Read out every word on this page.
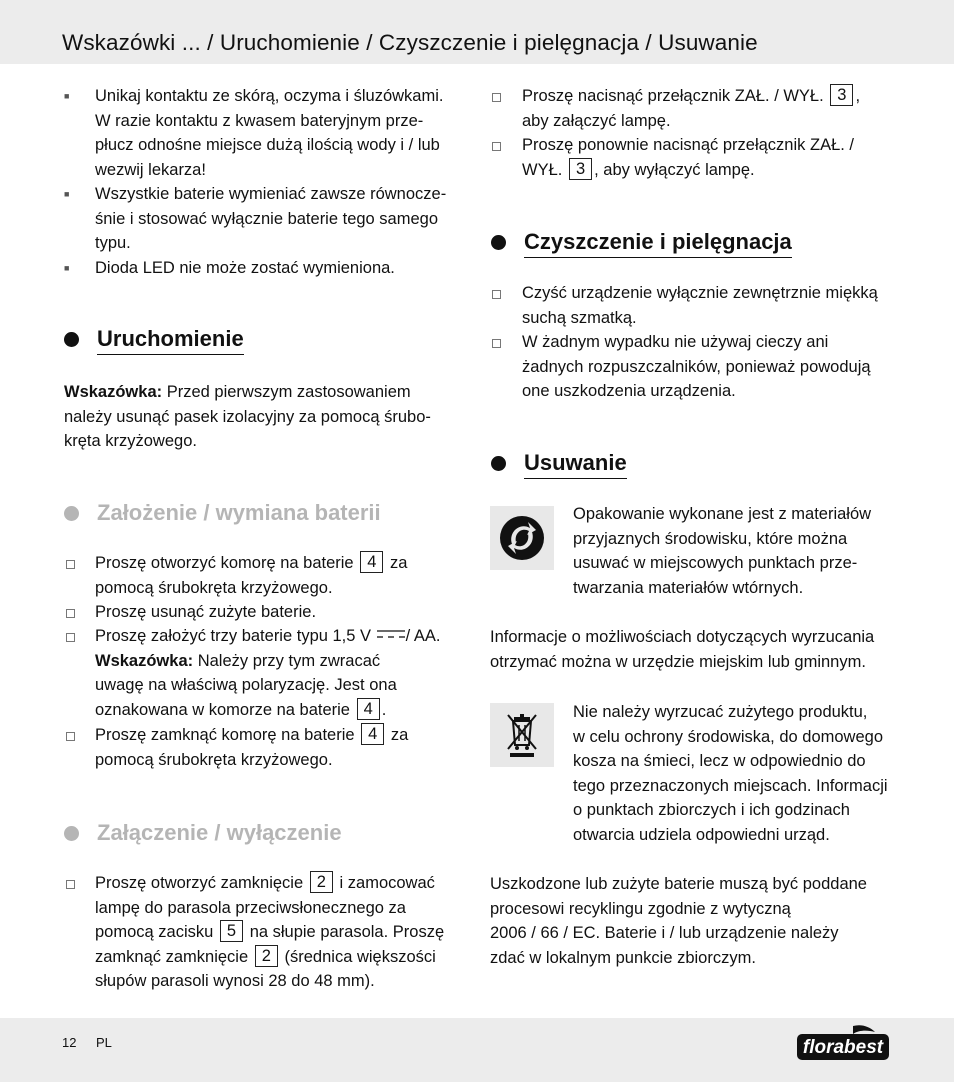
Wskazówki ... / Uruchomienie / Czyszczenie i pielęgnacja / Usuwanie
■ Unikaj kontaktu ze skórą, oczyma i śluzówkami.
W razie kontaktu z kwasem bateryjnym prze-
płucz odnośne miejsce dużą ilością wody i / lub
wezwij lekarza!
■ Wszystkie baterie wymieniać zawsze równocze-
śnie i stosować wyłącznie baterie tego samego
typu.
■ Dioda LED nie może zostać wymieniona.
Uruchomienie
Wskazówka: Przed pierwszym zastosowaniem
należy usunąć pasek izolacyjny za pomocą śrubo-
kręta krzyżowego.
Założenie / wymiana baterii
Proszę otworzyć komorę na baterie 4 za
pomocą śrubokręta krzyżowego.
Proszę usunąć zużyte baterie.
Proszę założyć trzy baterie typu 1,5 V / AA.
Wskazówka: Należy przy tym zwracać
uwagę na właściwą polaryzację. Jest ona
oznakowana w komorze na baterie 4 .
Proszę zamknąć komorę na baterie 4 za
pomocą śrubokręta krzyżowego.
Załączenie / wyłączenie
Proszę otworzyć zamknięcie 2 i zamocować
lampę do parasola przeciwsłonecznego za
pomocą zacisku 5 na słupie parasola. Proszę
zamknąć zamknięcie 2 (średnica większości
słupów parasoli wynosi 28 do 48 mm).
Proszę nacisnąć przełącznik ZAŁ. / WYŁ. 3 ,
aby załączyć lampę.
Proszę ponownie nacisnąć przełącznik ZAŁ. /
WYŁ. 3 , aby wyłączyć lampę.
Czyszczenie i pielęgnacja
Czyść urządzenie wyłącznie zewnętrznie miękką
suchą szmatką.
W żadnym wypadku nie używaj cieczy ani
żadnych rozpuszczalników, ponieważ powodują
one uszkodzenia urządzenia.
Usuwanie
Opakowanie wykonane jest z materiałów
przyjaznych środowisku, które można
usuwać w miejscowych punktach prze-
twarzania materiałów wtórnych.
Informacje o możliwościach dotyczących wyrzucania
otrzymać można w urzędzie miejskim lub gminnym.
Nie należy wyrzucać zużytego produktu,
w celu ochrony środowiska, do domowego
kosza na śmieci, lecz w odpowiednio do
tego przeznaczonych miejscach. Informacji
o punktach zbiorczych i ich godzinach
otwarcia udziela odpowiedni urząd.
Uszkodzone lub zużyte baterie muszą być poddane
procesowi recyklingu zgodnie z wytyczną
2006 / 66 / EC. Baterie i / lub urządzenie należy
zdać w lokalnym punkcie zbiorczym.
12 PL	florabest
